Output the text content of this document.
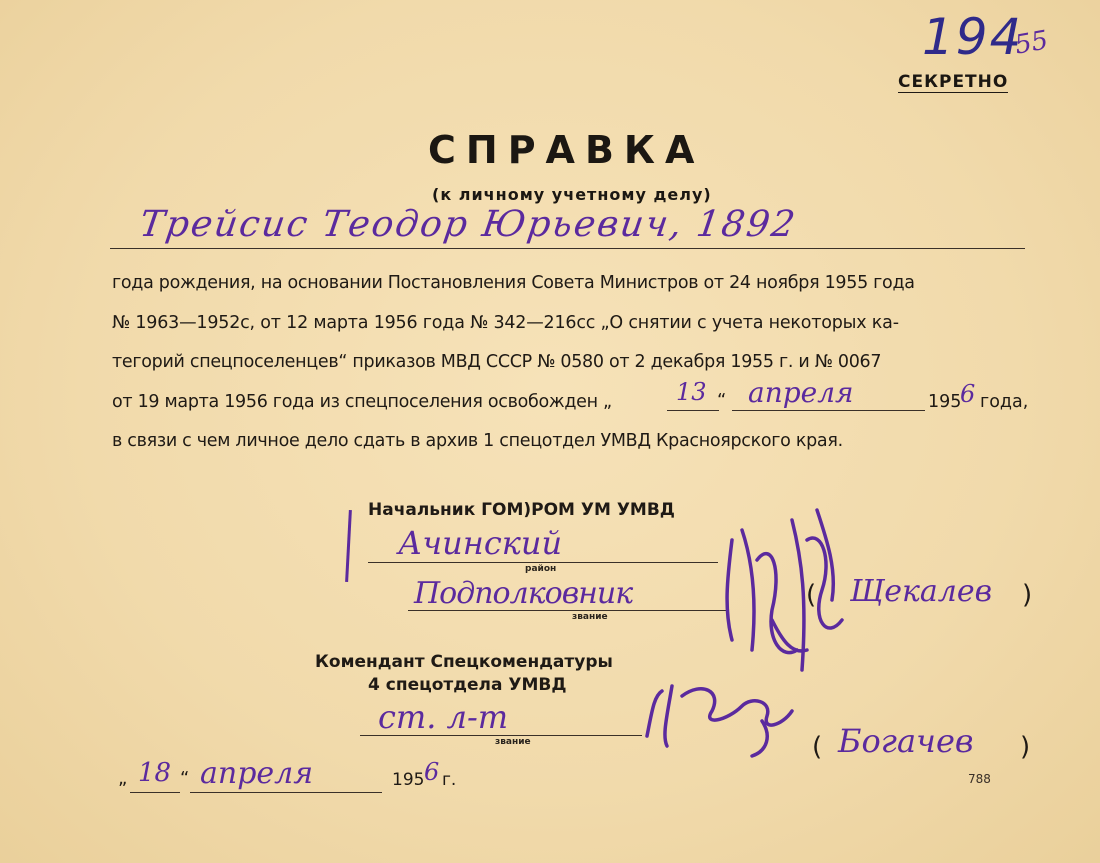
194
55
СЕКРЕТНО
СПРАВКА
(к личному учетному делу)
Трейсис Теодор Юрьевич, 1892
года рождения, на основании Постановления Совета Министров от 24 ноября 1955 года
№ 1963—1952с, от 12 марта 1956 года № 342—216сс „О снятии с учета некоторых ка-
тегорий спецпоселенцев“ приказов МВД СССР № 0580 от 2 декабря 1955 г. и № 0067
от 19 марта 1956 года из спецпоселения освобожден „	13 “ апреля	195
6 года,
в связи с чем личное дело сдать в архив 1 спецотдел УМВД Красноярского края.
Начальник ГОМ)РОМ УМ УМВД
Ачинский
район
Подполковник
звание
( Щекалев )
Комендант Спецкомендатуры
4 спецотдела УМВД
ст. л-т
звание	( Богачев )
„ 18 “ апреля	195 6 г.	788
